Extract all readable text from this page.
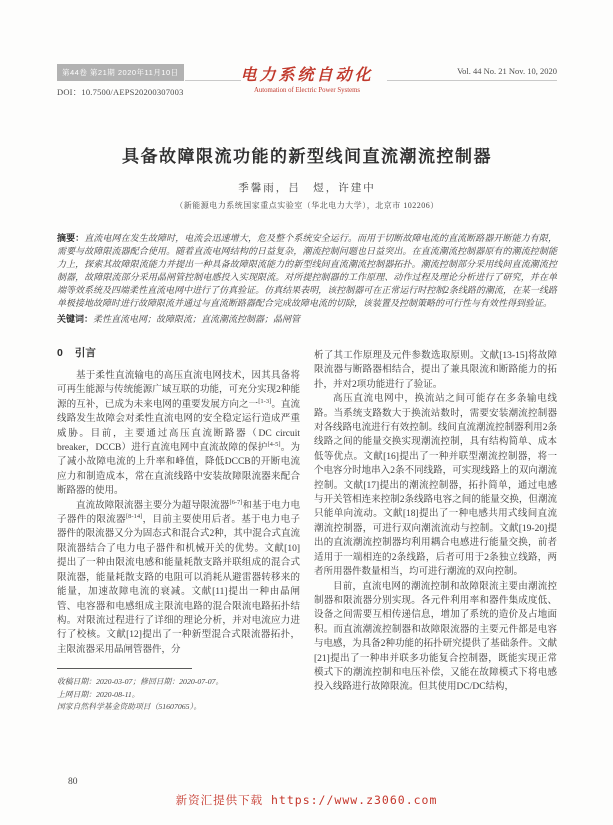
第44卷 第21期 2020年11月10日
DOI：10.7500/AEPS20200307003
电力系统自动化
Automation of Electric Power Systems
Vol. 44 No. 21 Nov. 10, 2020
具备故障限流功能的新型线间直流潮流控制器
季馨雨，吕　煜，许建中
（新能源电力系统国家重点实验室（华北电力大学），北京市 102206）
摘要：直流电网在发生故障时，电流会迅速增大，危及整个系统安全运行。而用于切断故障电流的直流断路器开断能力有限，需要与故障限流器配合使用。随着直流电网结构的日益复杂，潮流控制问题也日益突出。在直流潮流控制器原有的潮流控制能力上，探索其故障限流能力并提出一种具备故障限流能力的新型线间直流潮流控制器拓扑。潮流控制部分采用线间直流潮流控制器，故障限流部分采用晶闸管控制电感投入实现限流。对所提控制器的工作原理、动作过程及理论分析进行了研究，并在单端等效系统及四端柔性直流电网中进行了仿真验证。仿真结果表明，该控制器可在正常运行时控制2条线路的潮流，在某一线路单极接地故障时进行故障限流并通过与直流断路器配合完成故障电流的切除，该装置及控制策略的可行性与有效性得到验证。
关键词：柔性直流电网；故障限流；直流潮流控制器；晶闸管
0 引言

基于柔性直流输电的高压直流电网技术，因其具备将可再生能源与传统能源广域互联的功能，可充分实现2种能源的互补，已成为未来电网的重要发展方向之一[1-3]。直流线路发生故障会对柔性直流电网的安全稳定运行造成严重威胁。目前，主要通过高压直流断路器（DC circuit breaker，DCCB）进行直流电网中直流故障的保护[4-5]。为了减小故障电流的上升率和峰值，降低DCCB的开断电流应力和制造成本，常在直流线路中安装故障限流器来配合断路器的使用。

直流故障限流器主要分为超导限流器[6-7]和基于电力电子器件的限流器[8-14]，目前主要使用后者。基于电力电子器件的限流器又分为固态式和混合式2种，其中混合式直流限流器结合了电力电子器件和机械开关的优势。文献[10]提出了一种由限流电感和能量耗散支路并联组成的混合式限流器，能量耗散支路的电阻可以消耗从避雷器转移来的能量，加速故障电流的衰减。文献[11]提出一种由晶闸管、电容器和电感组成主限流电路的混合限流电路拓扑结构。对限流过程进行了详细的理论分析，并对电流应力进行了校核。文献[12]提出了一种新型混合式限流器拓扑，主限流器采用晶闸管器件，分

收稿日期：2020-03-07；修回日期：2020-07-07。
上网日期：2020-08-11。
国家自然科学基金资助项目（51607065）。

析了其工作原理及元件参数选取原则。文献[13-15]将故障限流器与断路器相结合，提出了兼具限流和断路能力的拓扑，并对2项功能进行了验证。

高压直流电网中，换流站之间可能存在多条输电线路。当系统支路数大于换流站数时，需要安装潮流控制器对各线路电流进行有效控制。线间直流潮流控制器利用2条线路之间的能量交换实现潮流控制，具有结构简单、成本低等优点。文献[16]提出了一种并联型潮流控制器，将一个电容分时地串入2条不同线路，可实现线路上的双向潮流控制。文献[17]提出的潮流控制器，拓扑简单，通过电感与开关管相连来控制2条线路电容之间的能量交换，但潮流只能单向流动。文献[18]提出了一种电感共用式线间直流潮流控制器，可进行双向潮流流动与控制。文献[19-20]提出的直流潮流控制器均利用耦合电感进行能量交换，前者适用于一端相连的2条线路，后者可用于2条独立线路，两者所用器件数量相当，均可进行潮流的双向控制。

目前，直流电网的潮流控制和故障限流主要由潮流控制器和限流器分别实现。各元件利用率和器件集成度低、设备之间需要互相传递信息，增加了系统的造价及占地面积。而直流潮流控制器和故障限流器的主要元件都是电容与电感，为具备2种功能的拓扑研究提供了基础条件。文献[21]提出了一种串并联多功能复合控制器，既能实现正常模式下的潮流控制和电压补偿，又能在故障模式下将电感投入线路进行故障限流。但其使用DC/DC结构，

80
新资汇提供下载 https://www.z3060.com
